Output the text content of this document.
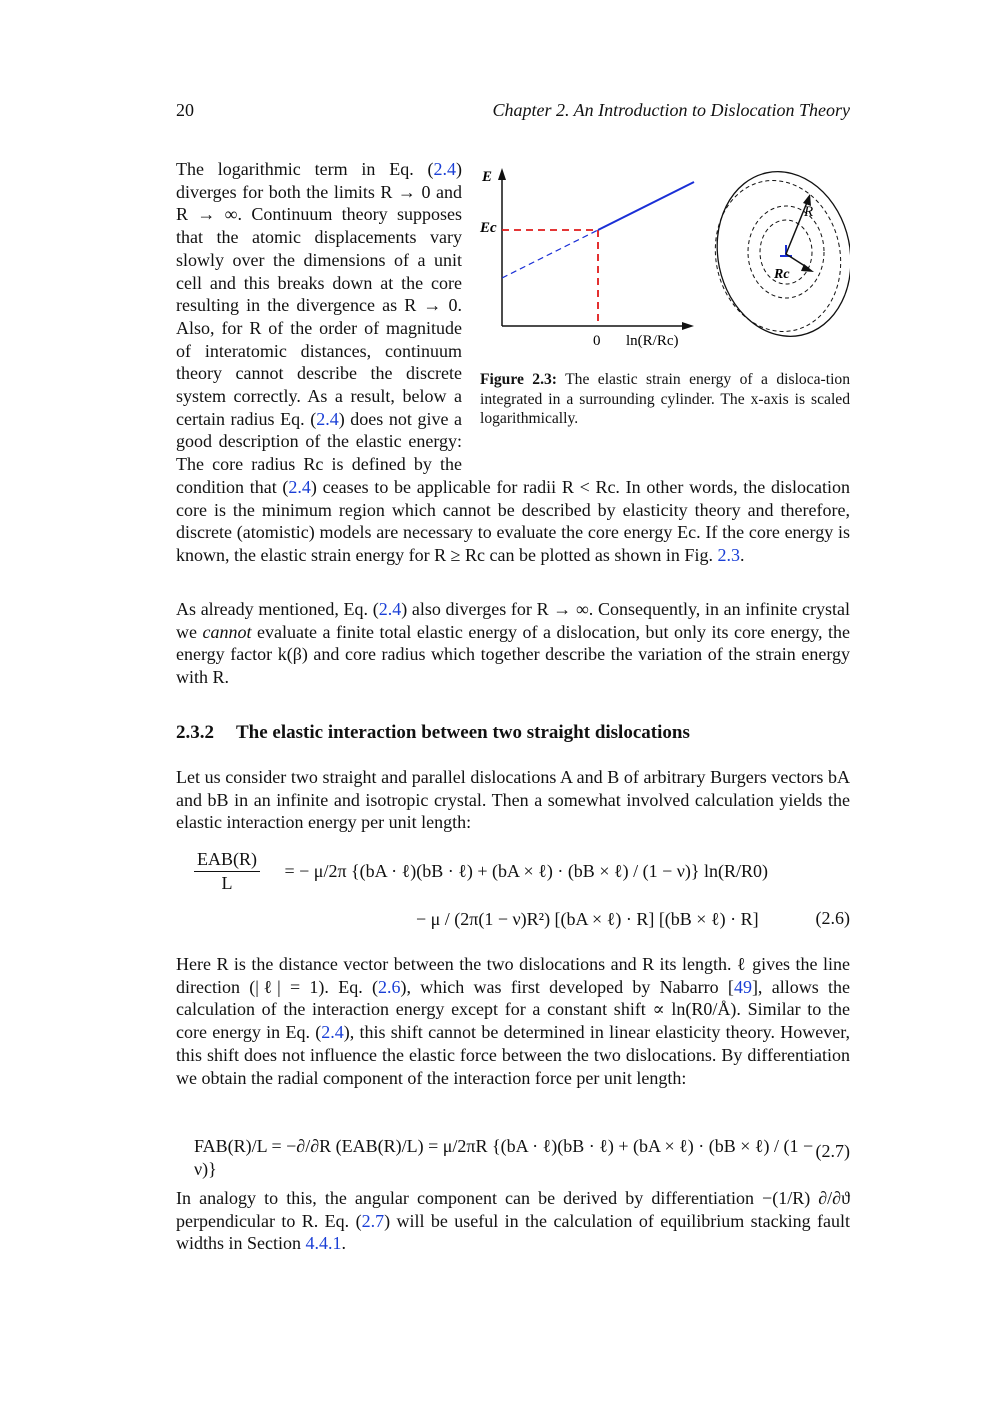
20	Chapter 2. An Introduction to Dislocation Theory
E
Ec
0 ln(R/Rc)
R
Rc
Figure 2.3: The elastic strain energy of a disloca-tion integrated in a surrounding cylinder. The x-axis is scaled logarithmically.
The logarithmic term in Eq. (2.4) diverges for both the limits R → 0 and R → ∞. Continuum theory supposes that the atomic displacements vary slowly over the dimensions of a unit cell and this breaks down at the core resulting in the divergence as R → 0. Also, for R of the order of magnitude of interatomic distances, continuum theory cannot describe the discrete system correctly. As a result, below a certain radius Eq. (2.4) does not give a good description of the elastic energy: The core radius Rc is defined by the condition that (2.4) ceases to be applicable for radii R < Rc. In other words, the dislocation core is the minimum region which cannot be described by elasticity theory and therefore, discrete (atomistic) models are necessary to evaluate the core energy Ec. If the core energy is known, the elastic strain energy for R ≥ Rc can be plotted as shown in Fig. 2.3.

As already mentioned, Eq. (2.4) also diverges for R → ∞. Consequently, in an infinite crystal we cannot evaluate a finite total elastic energy of a dislocation, but only its core energy, the energy factor k(β) and core radius which together describe the variation of the strain energy with R.

2.3.2 The elastic interaction between two straight dislocations

Let us consider two straight and parallel dislocations A and B of arbitrary Burgers vectors bA and bB in an infinite and isotropic crystal. Then a somewhat involved calculation yields the elastic interaction energy per unit length:

EAB(R)
L
= − μ/2π {(bA · ℓ)(bB · ℓ) + (bA × ℓ) · (bB × ℓ) / (1 − ν)} ln(R/R0)
− μ / (2π(1 − ν)R²) [(bA × ℓ) · R] [(bB × ℓ) · R]	(2.6)

Here R is the distance vector between the two dislocations and R its length. ℓ gives the line direction (|ℓ| = 1). Eq. (2.6), which was first developed by Nabarro [49], allows the calculation of the interaction energy except for a constant shift ∝ ln(R0/Å). Similar to the core energy in Eq. (2.4), this shift cannot be determined in linear elasticity theory. However, this shift does not influence the elastic force between the two dislocations. By differentiation we obtain the radial component of the interaction force per unit length:

FAB(R)/L = −∂/∂R (EAB(R)/L) = μ/2πR {(bA · ℓ)(bB · ℓ) + (bA × ℓ) · (bB × ℓ) / (1 − ν)}
(2.7)

In analogy to this, the angular component can be derived by differentiation −(1/R) ∂/∂ϑ perpendicular to R. Eq. (2.7) will be useful in the calculation of equilibrium stacking fault widths in Section 4.4.1.
